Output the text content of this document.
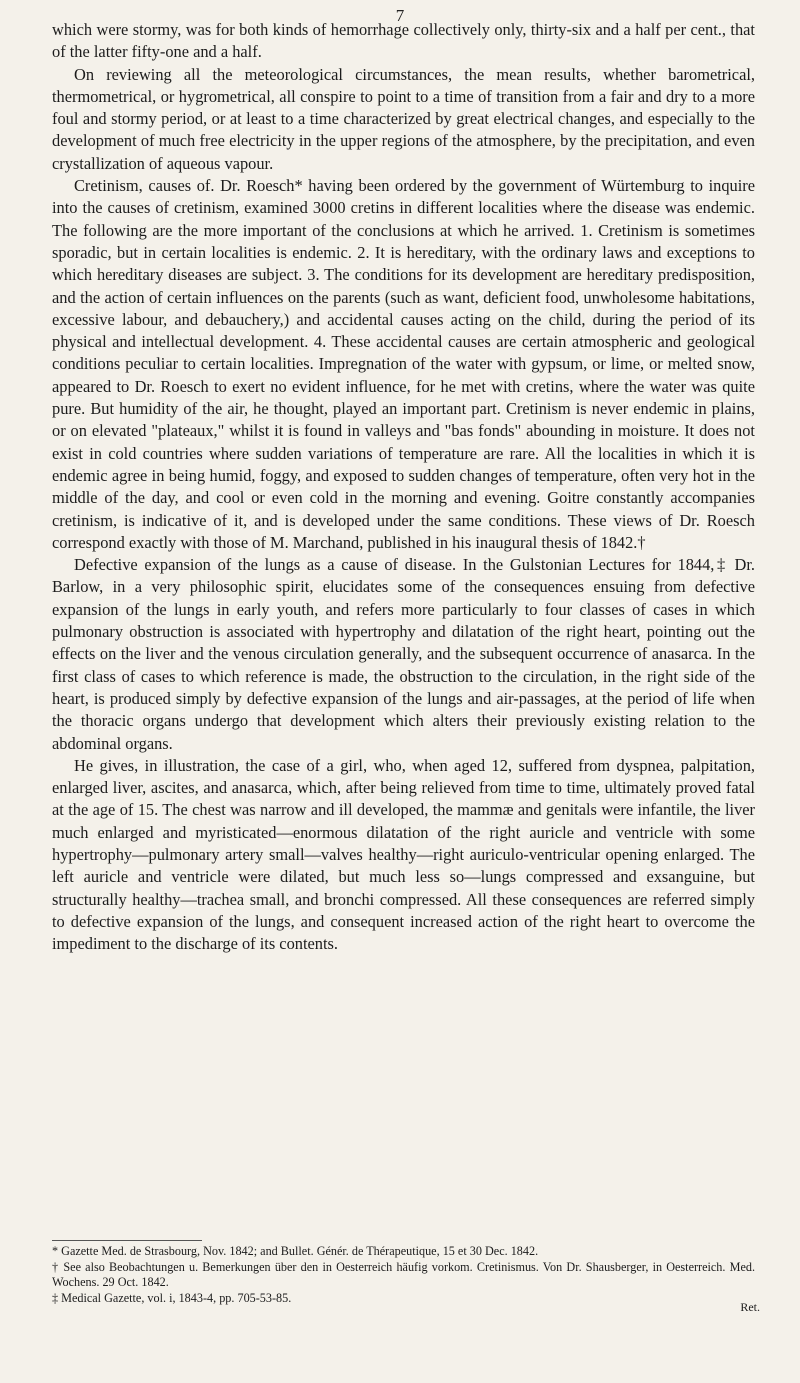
7

which were stormy, was for both kinds of hemorrhage collectively only, thirty-six and a half per cent., that of the latter fifty-one and a half.

On reviewing all the meteorological circumstances, the mean results, whether barometrical, thermometrical, or hygrometrical, all conspire to point to a time of transition from a fair and dry to a more foul and stormy period, or at least to a time characterized by great electrical changes, and especially to the development of much free electricity in the upper regions of the atmosphere, by the precipitation, and even crystallization of aqueous vapour.

Cretinism, causes of. Dr. Roesch* having been ordered by the government of Würtemburg to inquire into the causes of cretinism, examined 3000 cretins in different localities where the disease was endemic. The following are the more important of the conclusions at which he arrived. 1. Cretinism is sometimes sporadic, but in certain localities is endemic. 2. It is hereditary, with the ordinary laws and exceptions to which hereditary diseases are subject. 3. The conditions for its development are hereditary predisposition, and the action of certain influences on the parents (such as want, deficient food, unwholesome habitations, excessive labour, and debauchery,) and accidental causes acting on the child, during the period of its physical and intellectual development. 4. These accidental causes are certain atmospheric and geological conditions peculiar to certain localities. Impregnation of the water with gypsum, or lime, or melted snow, appeared to Dr. Roesch to exert no evident influence, for he met with cretins, where the water was quite pure. But humidity of the air, he thought, played an important part. Cretinism is never endemic in plains, or on elevated "plateaux," whilst it is found in valleys and "bas fonds" abounding in moisture. It does not exist in cold countries where sudden variations of temperature are rare. All the localities in which it is endemic agree in being humid, foggy, and exposed to sudden changes of temperature, often very hot in the middle of the day, and cool or even cold in the morning and evening. Goitre constantly accompanies cretinism, is indicative of it, and is developed under the same conditions. These views of Dr. Roesch correspond exactly with those of M. Marchand, published in his inaugural thesis of 1842.†

Defective expansion of the lungs as a cause of disease. In the Gulstonian Lectures for 1844,‡ Dr. Barlow, in a very philosophic spirit, elucidates some of the consequences ensuing from defective expansion of the lungs in early youth, and refers more particularly to four classes of cases in which pulmonary obstruction is associated with hypertrophy and dilatation of the right heart, pointing out the effects on the liver and the venous circulation generally, and the subsequent occurrence of anasarca. In the first class of cases to which reference is made, the obstruction to the circulation, in the right side of the heart, is produced simply by defective expansion of the lungs and air-passages, at the period of life when the thoracic organs undergo that development which alters their previously existing relation to the abdominal organs.

He gives, in illustration, the case of a girl, who, when aged 12, suffered from dyspnea, palpitation, enlarged liver, ascites, and anasarca, which, after being relieved from time to time, ultimately proved fatal at the age of 15. The chest was narrow and ill developed, the mammæ and genitals were infantile, the liver much enlarged and myristicated—enormous dilatation of the right auricle and ventricle with some hypertrophy—pulmonary artery small—valves healthy—right auriculo-ventricular opening enlarged. The left auricle and ventricle were dilated, but much less so—lungs compressed and exsanguine, but structurally healthy—trachea small, and bronchi compressed. All these consequences are referred simply to defective expansion of the lungs, and consequent increased action of the right heart to overcome the impediment to the discharge of its contents.

* Gazette Med. de Strasbourg, Nov. 1842; and Bullet. Génér. de Thérapeutique, 15 et 30 Dec. 1842.
† See also Beobachtungen u. Bemerkungen über den in Oesterreich häufig vorkom. Cretinismus. Von Dr. Shausberger, in Oesterreich. Med. Wochens. 29 Oct. 1842.
‡ Medical Gazette, vol. i, 1843-4, pp. 705-53-85.
Ret.
